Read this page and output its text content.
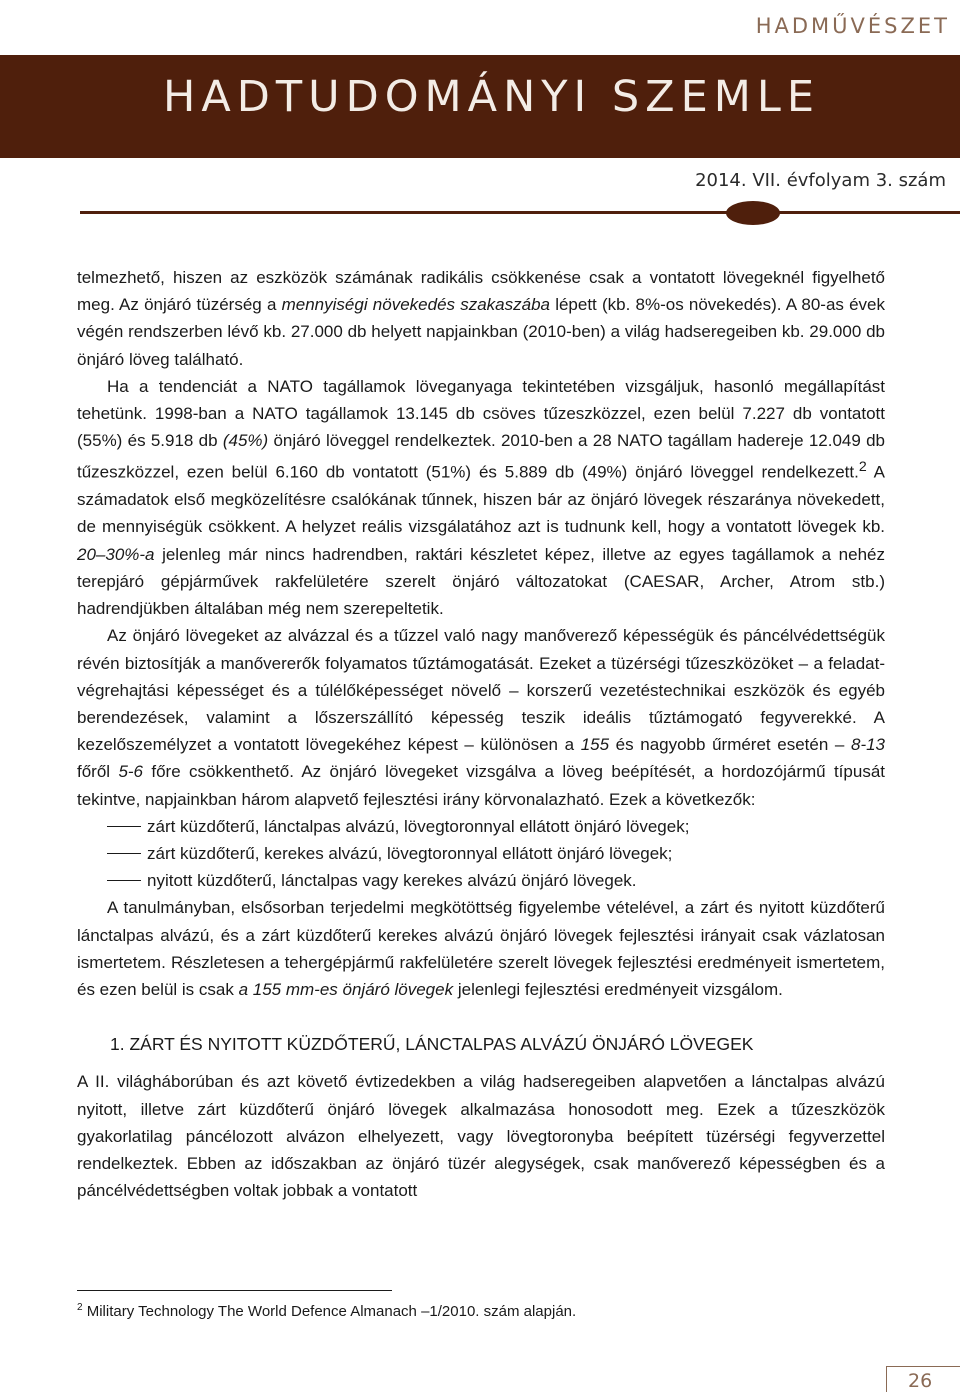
HADMŰVÉSZET
HADTUDOMÁNYI SZEMLE
2014. VII. évfolyam 3. szám

telmezhető, hiszen az eszközök számának radikális csökkenése csak a vontatott lövegeknél figyelhető meg. Az önjáró tüzérség a mennyiségi növekedés szakaszába lépett (kb. 8%-os növekedés). A 80-as évek végén rendszerben lévő kb. 27.000 db helyett napjainkban (2010-ben) a világ hadseregeiben kb. 29.000 db önjáró löveg található.

Ha a tendenciát a NATO tagállamok löveganyaga tekintetében vizsgáljuk, hasonló megállapítást tehetünk. 1998-ban a NATO tagállamok 13.145 db csöves tűzeszközzel, ezen belül 7.227 db vontatott (55%) és 5.918 db (45%) önjáró löveggel rendelkeztek. 2010-ben a 28 NATO tagállam hadereje 12.049 db tűzeszközzel, ezen belül 6.160 db vontatott (51%) és 5.889 db (49%) önjáró löveggel rendelkezett.$^2$ A számadatok első megközelítésre csalókának tűnnek, hiszen bár az önjáró lövegek részaránya növekedett, de mennyiségük csökkent. A helyzet reális vizsgálatához azt is tudnunk kell, hogy a vontatott lövegek kb. 20–30%-a jelenleg már nincs hadrendben, raktári készletet képez, illetve az egyes tagállamok a nehéz terepjáró gépjárművek rakfelületére szerelt önjáró változatokat (CAESAR, Archer, Atrom stb.) hadrendjükben általában még nem szerepeltetik.

Az önjáró lövegeket az alvázzal és a tűzzel való nagy manőverező képességük és páncélvédettségük révén biztosítják a manővererők folyamatos tűztámogatását. Ezeket a tüzérségi tűzeszközöket – a feladat-végrehajtási képességet és a túlélőképességet növelő – korszerű vezetéstechnikai eszközök és egyéb berendezések, valamint a lőszerszállító képesség teszik ideális tűztámogató fegyverekké. A kezelőszemélyzet a vontatott lövegekéhez képest – különösen a 155 és nagyobb űrméret esetén – 8-13 főről 5-6 főre csökkenthető. Az önjáró lövegeket vizsgálva a löveg beépítését, a hordozójármű típusát tekintve, napjainkban három alapvető fejlesztési irány körvonalazható. Ezek a következők:

zárt küzdőterű, lánctalpas alvázú, lövegtoronnyal ellátott önjáró lövegek;
zárt küzdőterű, kerekes alvázú, lövegtoronnyal ellátott önjáró lövegek;
nyitott küzdőterű, lánctalpas vagy kerekes alvázú önjáró lövegek.

A tanulmányban, elsősorban terjedelmi megkötöttség figyelembe vételével, a zárt és nyitott küzdőterű lánctalpas alvázú, és a zárt küzdőterű kerekes alvázú önjáró lövegek fejlesztési irányait csak vázlatosan ismertetem. Részletesen a tehergépjármű rakfelületére szerelt lövegek fejlesztési eredményeit ismertetem, és ezen belül is csak a 155 mm-es önjáró lövegek jelenlegi fejlesztési eredményeit vizsgálom.

1. ZÁRT ÉS NYITOTT KÜZDŐTERŰ, LÁNCTALPAS ALVÁZÚ ÖNJÁRÓ LÖVEGEK

A II. világháborúban és azt követő évtizedekben a világ hadseregeiben alapvetően a lánctalpas alvázú nyitott, illetve zárt küzdőterű önjáró lövegek alkalmazása honosodott meg. Ezek a tűzeszközök gyakorlatilag páncélozott alvázon elhelyezett, vagy lövegtoronyba beépített tüzérségi fegyverzettel rendelkeztek. Ebben az időszakban az önjáró tüzér alegységek, csak manőverező képességben és a páncélvédettségben voltak jobbak a vontatott

$^2$ Military Technology The World Defence Almanach –1/2010. szám alapján.
26
